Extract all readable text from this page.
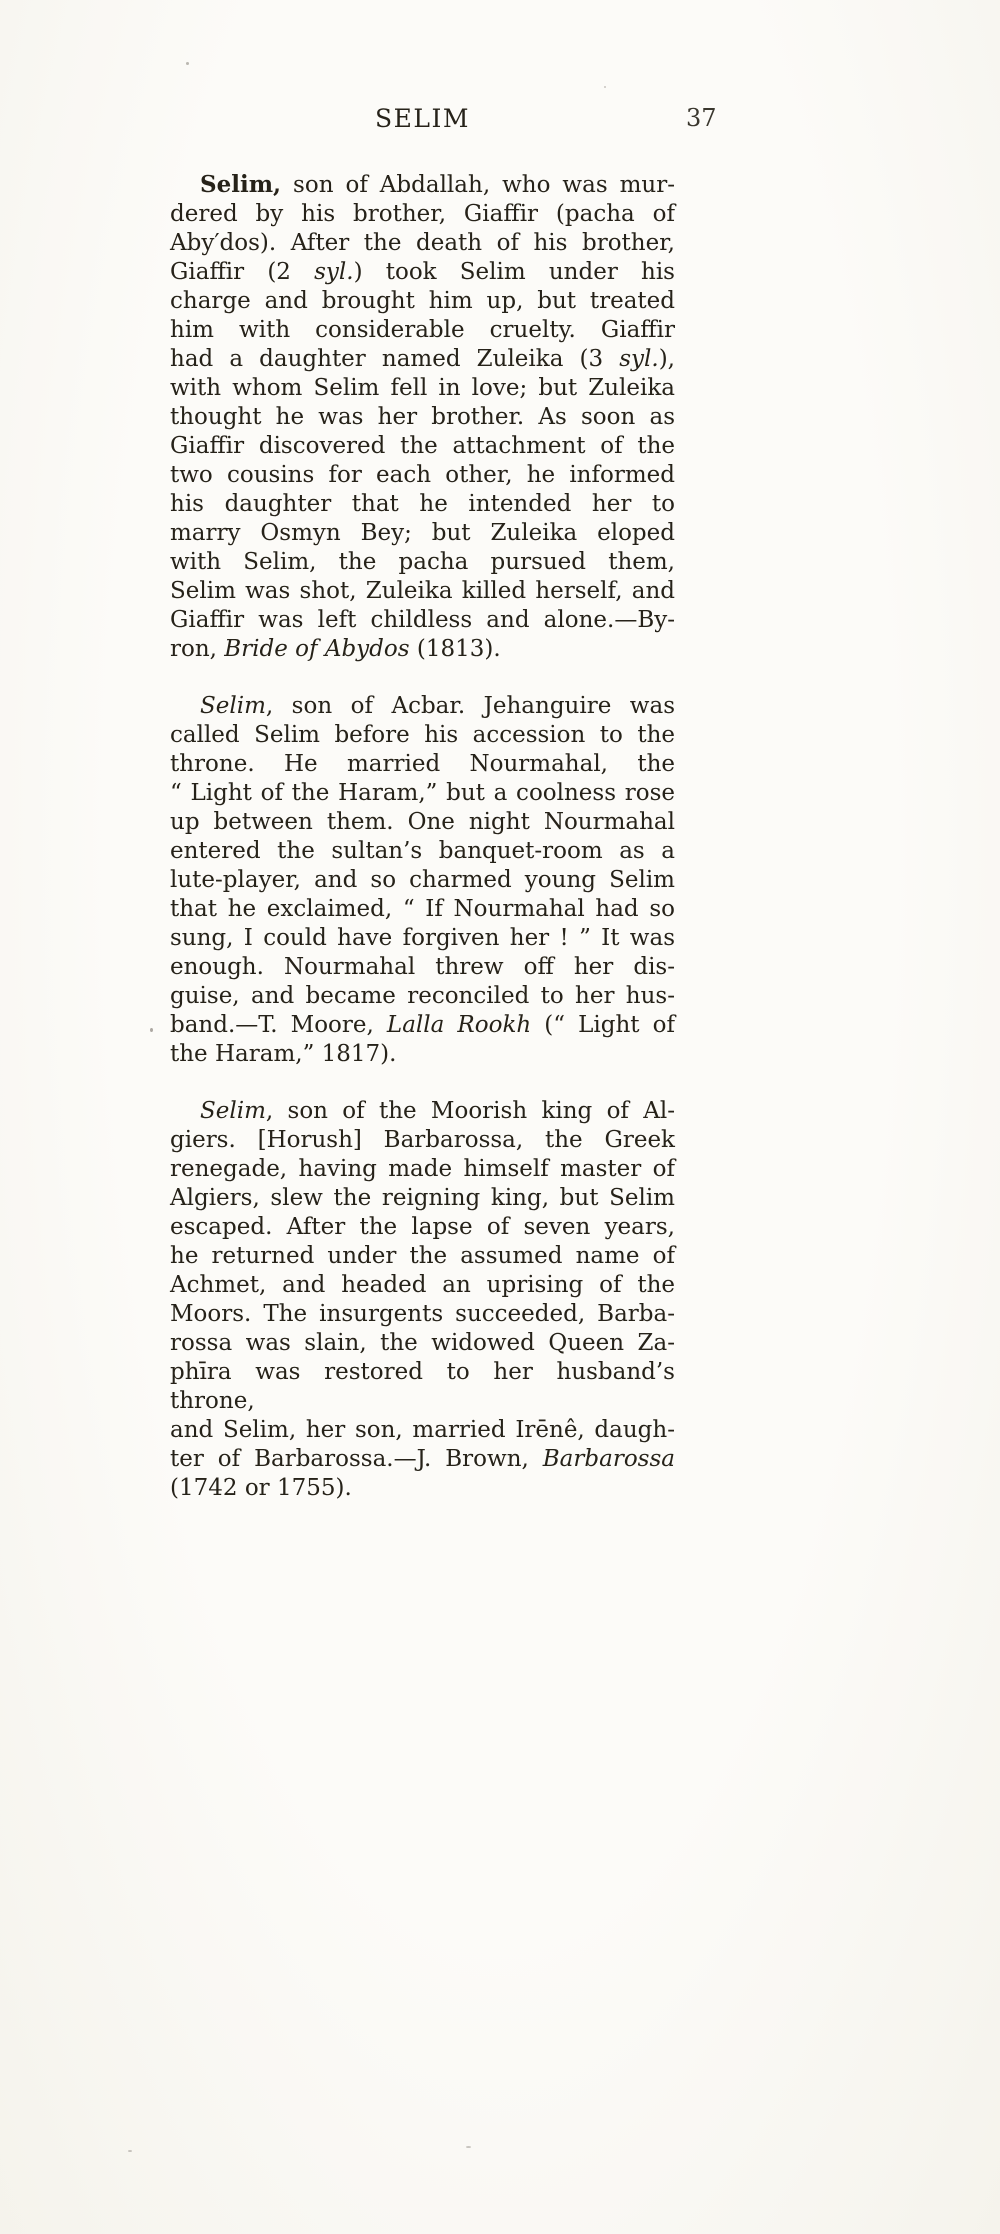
SELIM	37
Selim, son of Abdallah, who was mur-
dered by his brother, Giaffir (pacha of
Aby′dos). After the death of his brother,
Giaffir (2 syl.) took Selim under his
charge and brought him up, but treated
him with considerable cruelty. Giaffir
had a daughter named Zuleika (3 syl.),
with whom Selim fell in love; but Zuleika
thought he was her brother. As soon as
Giaffir discovered the attachment of the
two cousins for each other, he informed
his daughter that he intended her to
marry Osmyn Bey; but Zuleika eloped
with Selim, the pacha pursued them,
Selim was shot, Zuleika killed herself, and
Giaffir was left childless and alone.—By-
ron, Bride of Abydos (1813).
Selim, son of Acbar. Jehanguire was
called Selim before his accession to the
throne. He married Nourmahal, the
“ Light of the Haram,” but a coolness rose
up between them. One night Nourmahal
entered the sultan’s banquet-room as a
lute-player, and so charmed young Selim
that he exclaimed, “ If Nourmahal had so
sung, I could have forgiven her ! ” It was
enough. Nourmahal threw off her dis-
guise, and became reconciled to her hus-
band.—T. Moore, Lalla Rookh (“ Light of
the Haram,” 1817).
Selim, son of the Moorish king of Al-
giers. [Horush] Barbarossa, the Greek
renegade, having made himself master of
Algiers, slew the reigning king, but Selim
escaped. After the lapse of seven years,
he returned under the assumed name of
Achmet, and headed an uprising of the
Moors. The insurgents succeeded, Barba-
rossa was slain, the widowed Queen Za-
phīra was restored to her husband’s throne,
and Selim, her son, married Irēnê, daugh-
ter of Barbarossa.—J. Brown, Barbarossa
(1742 or 1755).
